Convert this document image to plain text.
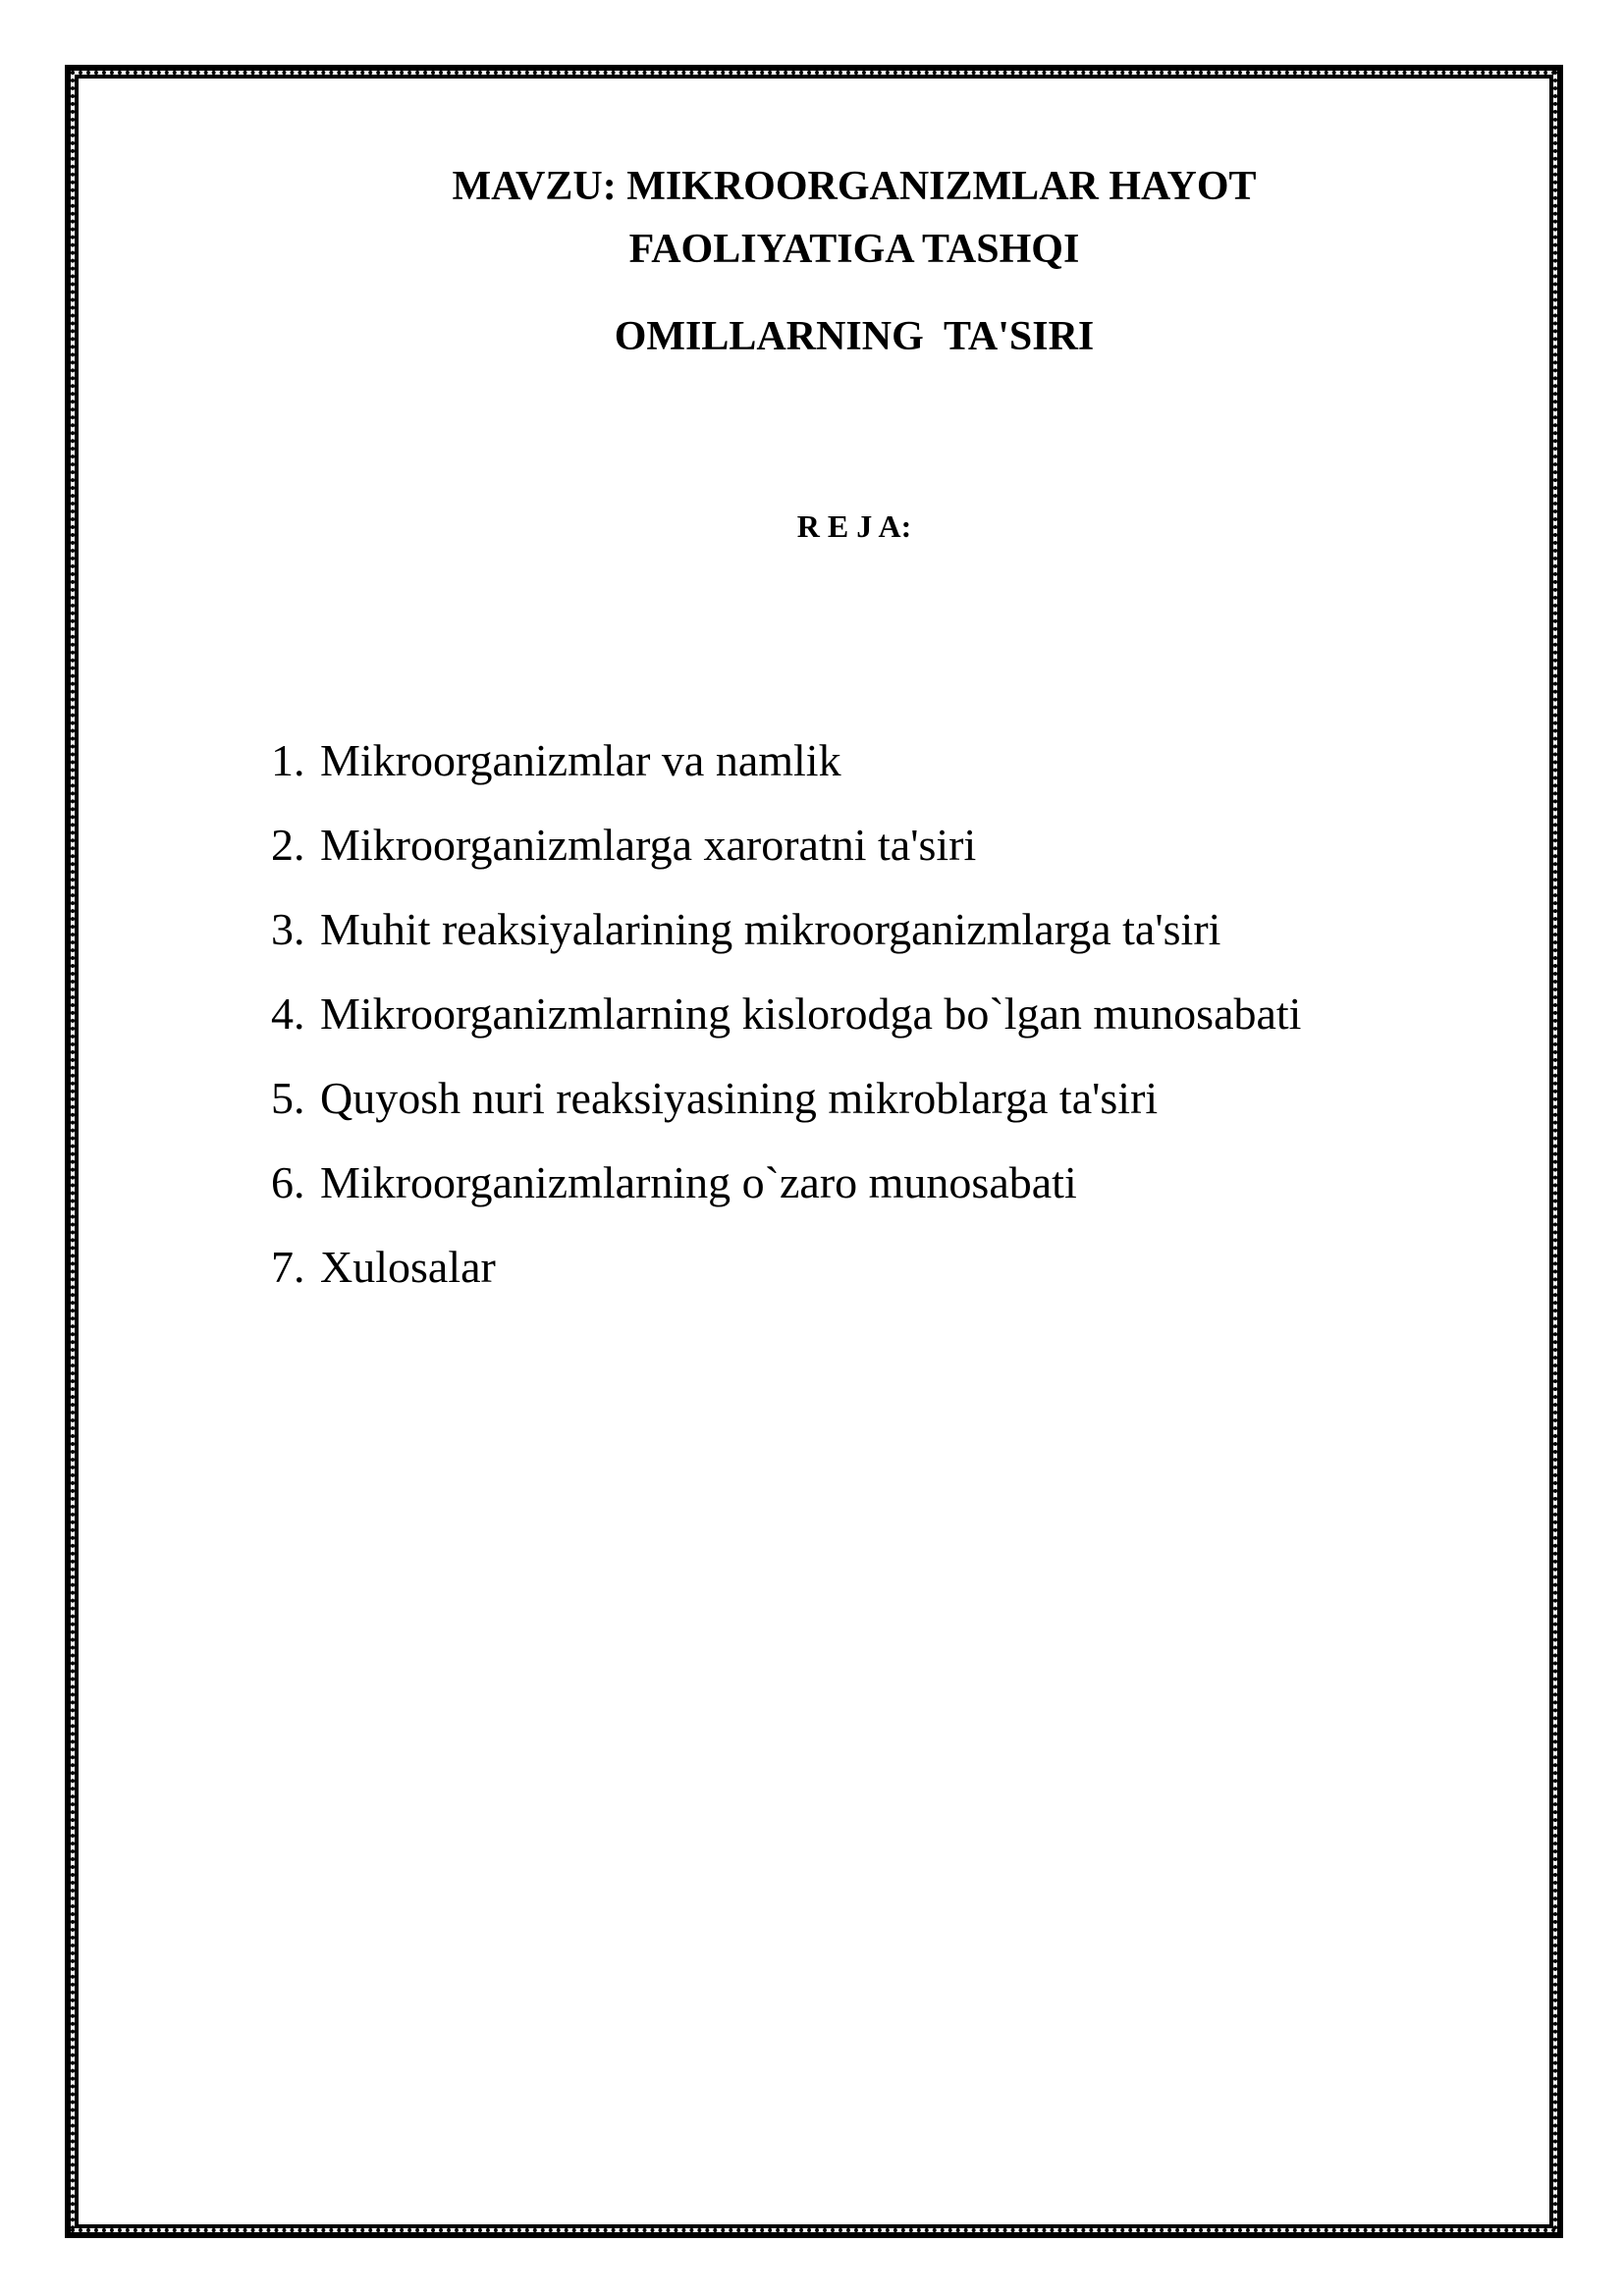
MAVZU: MIKROORGANIZMLAR HAYOT
FAOLIYATIGA TASHQI
OMILLARNING  TA'SIRI
R E J A:
1. Mikroorganizmlar va namlik
2. Mikroorganizmlarga xaroratni ta'siri
3. Muhit reaksiyalarining mikroorganizmlarga ta'siri
4. Mikroorganizmlarning kislorodga bo`lgan munosabati
5. Quyosh nuri reaksiyasining mikroblarga ta'siri
6. Mikroorganizmlarning o`zaro munosabati
7. Xulosalar
